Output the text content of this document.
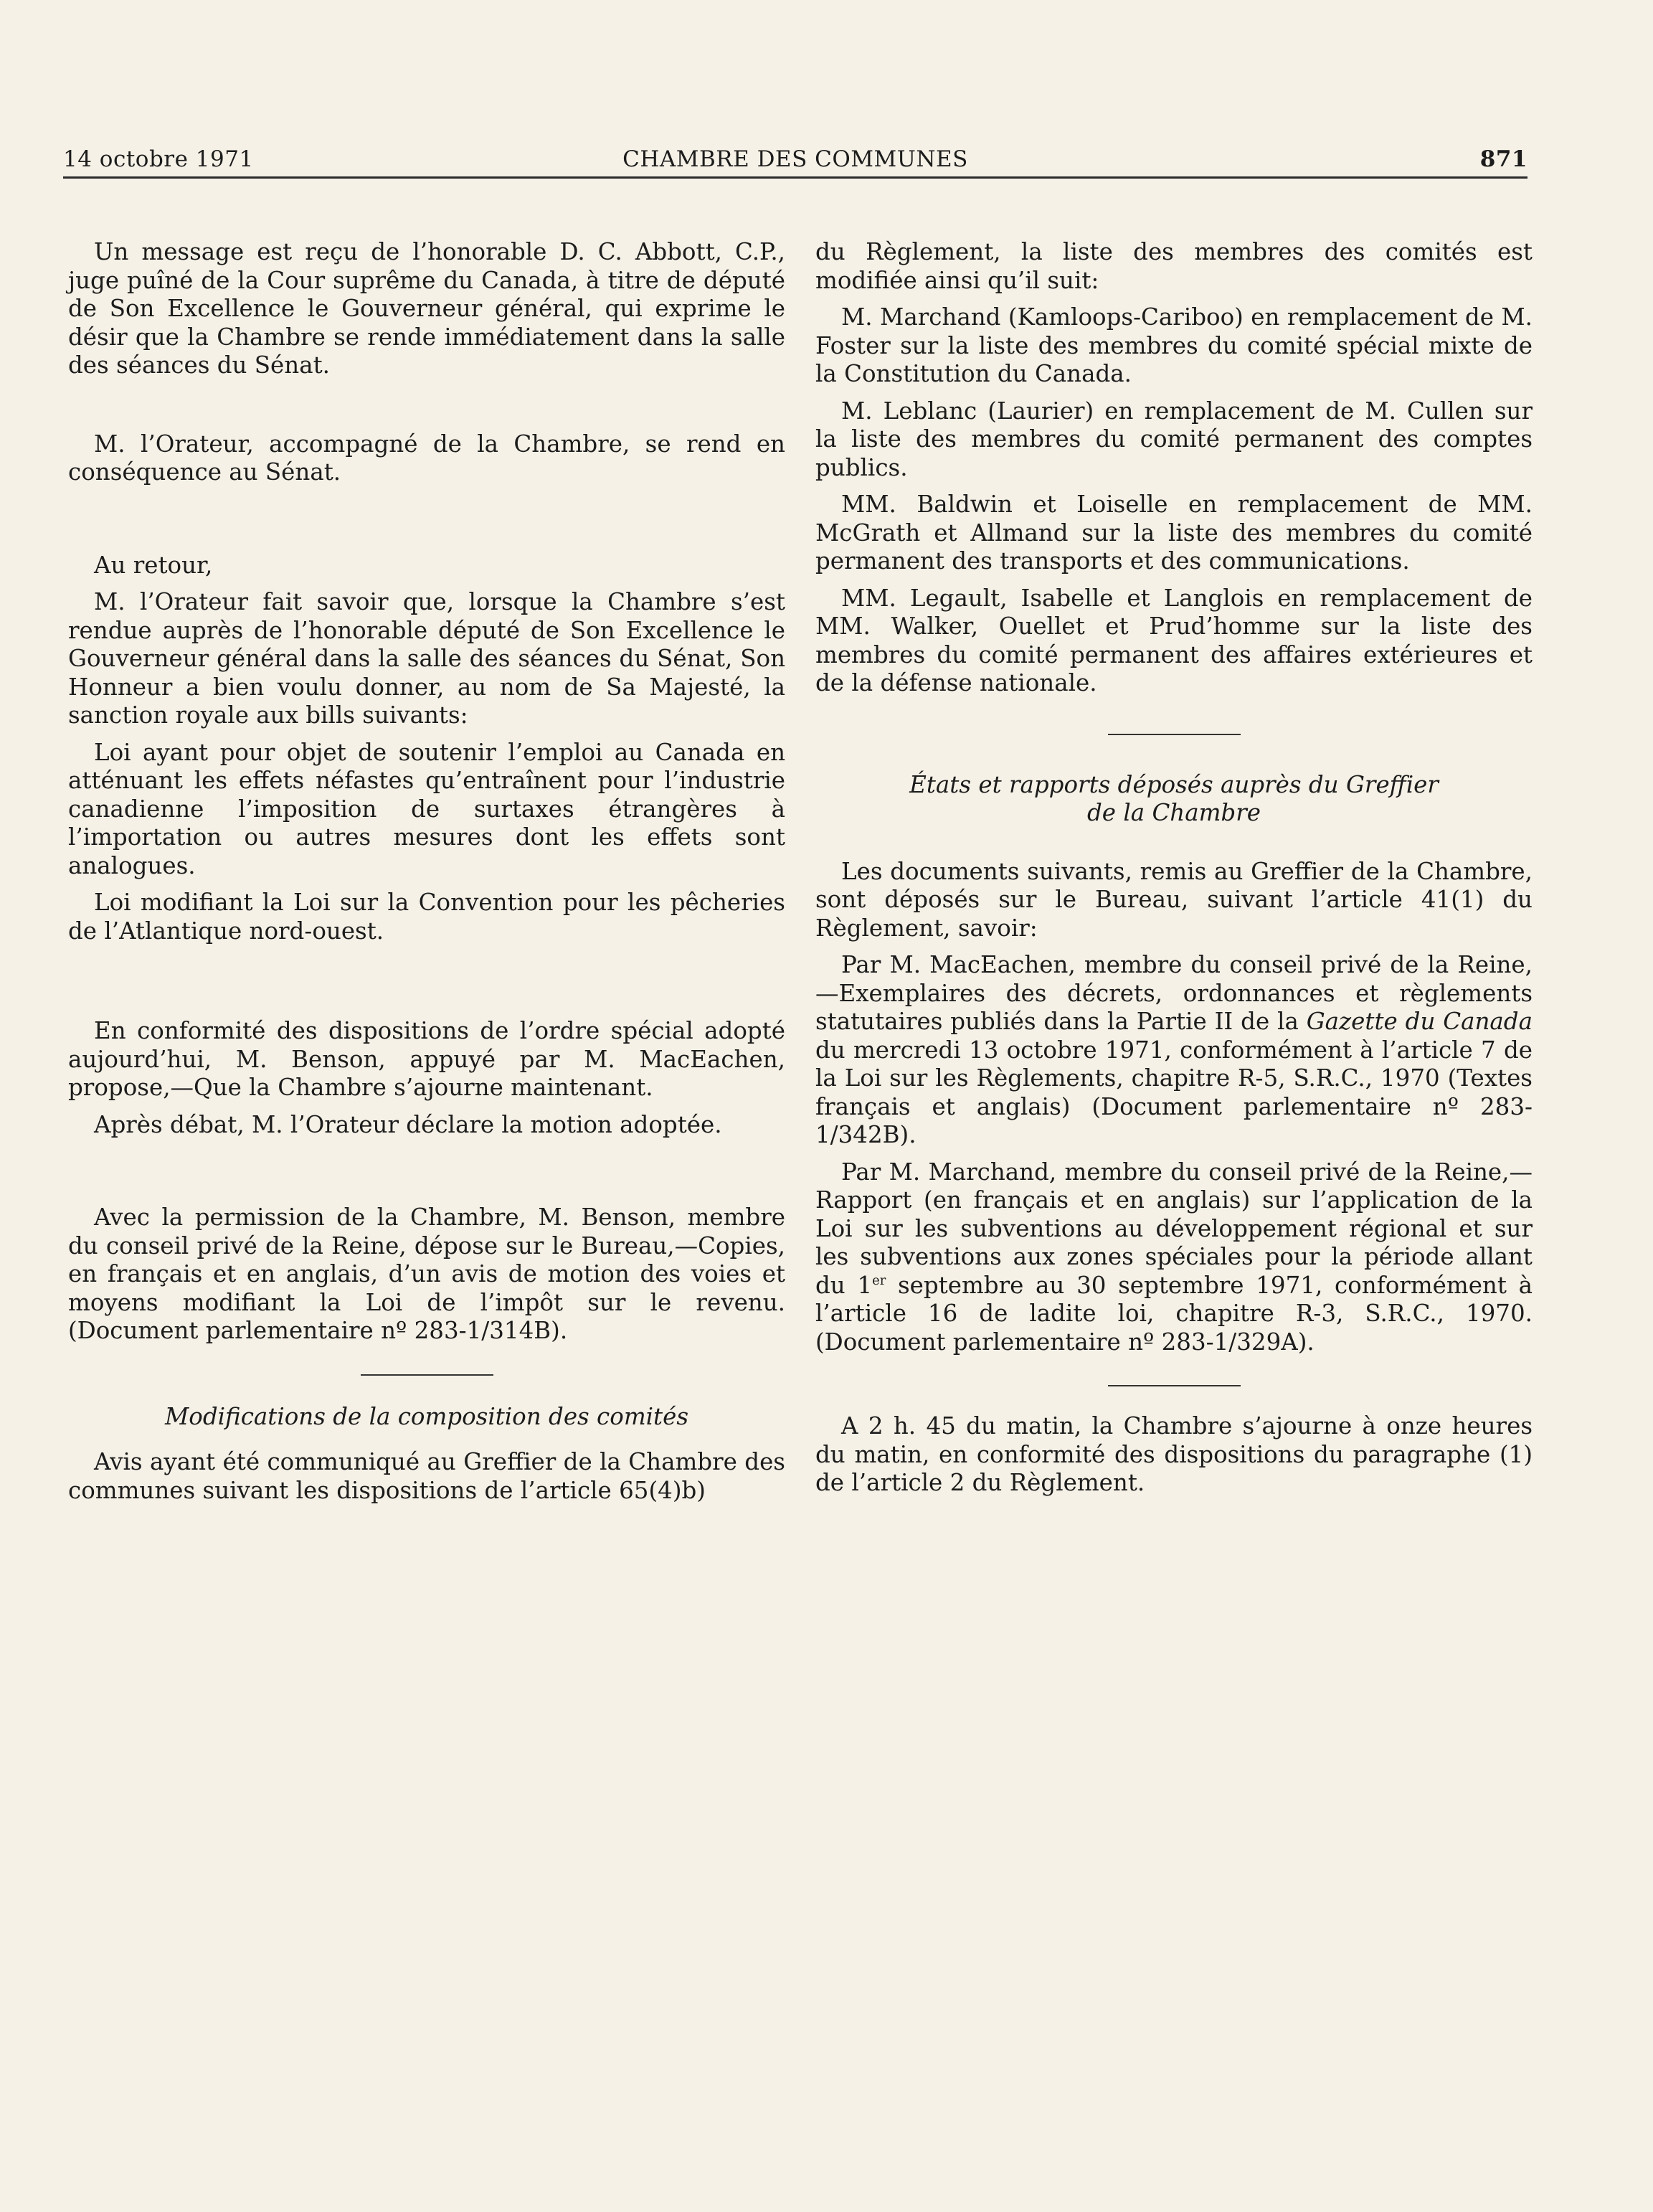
14 octobre 1971	CHAMBRE DES COMMUNES	871

Un message est reçu de l’honorable D. C. Abbott, C.P., juge puîné de la Cour suprême du Canada, à titre de député de Son Excellence le Gouverneur général, qui exprime le désir que la Chambre se rende immédiatement dans la salle des séances du Sénat.

M. l’Orateur, accompagné de la Chambre, se rend en conséquence au Sénat.

Au retour,

M. l’Orateur fait savoir que, lorsque la Chambre s’est rendue auprès de l’honorable député de Son Excellence le Gouverneur général dans la salle des séances du Sénat, Son Honneur a bien voulu donner, au nom de Sa Majesté, la sanction royale aux bills suivants:

Loi ayant pour objet de soutenir l’emploi au Canada en atténuant les effets néfastes qu’entraînent pour l’industrie canadienne l’imposition de surtaxes étrangères à l’importation ou autres mesures dont les effets sont analogues.

Loi modifiant la Loi sur la Convention pour les pêcheries de l’Atlantique nord-ouest.

En conformité des dispositions de l’ordre spécial adopté aujourd’hui, M. Benson, appuyé par M. MacEachen, propose,—Que la Chambre s’ajourne maintenant.

Après débat, M. l’Orateur déclare la motion adoptée.

Avec la permission de la Chambre, M. Benson, membre du conseil privé de la Reine, dépose sur le Bureau,—Copies, en français et en anglais, d’un avis de motion des voies et moyens modifiant la Loi de l’impôt sur le revenu. (Document parlementaire nº 283-1/314B).

Modifications de la composition des comités

Avis ayant été communiqué au Greffier de la Chambre des communes suivant les dispositions de l’article 65(4)b)

du Règlement, la liste des membres des comités est modifiée ainsi qu’il suit:

M. Marchand (Kamloops-Cariboo) en remplacement de M. Foster sur la liste des membres du comité spécial mixte de la Constitution du Canada.

M. Leblanc (Laurier) en remplacement de M. Cullen sur la liste des membres du comité permanent des comptes publics.

MM. Baldwin et Loiselle en remplacement de MM. McGrath et Allmand sur la liste des membres du comité permanent des transports et des communications.

MM. Legault, Isabelle et Langlois en remplacement de MM. Walker, Ouellet et Prud’homme sur la liste des membres du comité permanent des affaires extérieures et de la défense nationale.

États et rapports déposés auprès du Greffier
de la Chambre

Les documents suivants, remis au Greffier de la Chambre, sont déposés sur le Bureau, suivant l’article 41(1) du Règlement, savoir:

Par M. MacEachen, membre du conseil privé de la Reine,—Exemplaires des décrets, ordonnances et règlements statutaires publiés dans la Partie II de la Gazette du Canada du mercredi 13 octobre 1971, conformément à l’article 7 de la Loi sur les Règlements, chapitre R-5, S.R.C., 1970 (Textes français et anglais) (Document parlementaire nº 283-1/342B).

Par M. Marchand, membre du conseil privé de la Reine,—Rapport (en français et en anglais) sur l’application de la Loi sur les subventions au développement régional et sur les subventions aux zones spéciales pour la période allant du 1er septembre au 30 septembre 1971, conformément à l’article 16 de ladite loi, chapitre R-3, S.R.C., 1970. (Document parlementaire nº 283-1/329A).

A 2 h. 45 du matin, la Chambre s’ajourne à onze heures du matin, en conformité des dispositions du paragraphe (1) de l’article 2 du Règlement.
